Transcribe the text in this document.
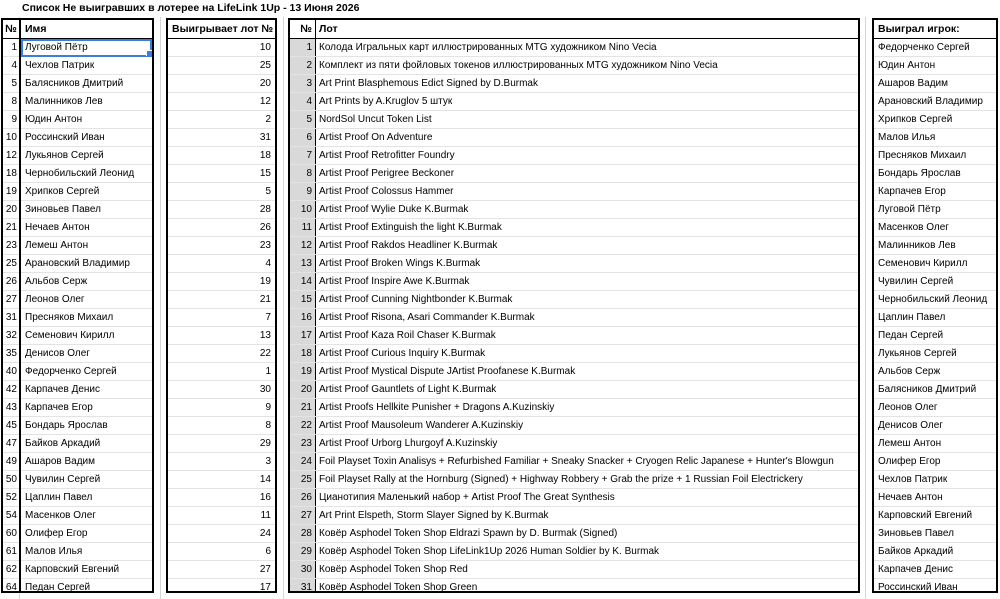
Список Не выигравших в лотерее на LifeLink 1Up - 13 Июня 2026
№
1
4
5
8
9
10
12
18
19
20
21
23
25
26
27
31
32
35
40
42
43
45
47
49
50
52
54
60
61
62
64
Имя
Луговой Пётр
Чехлов Патрик
Балясников Дмитрий
Малинников Лев
Юдин Антон
Россинский Иван
Лукьянов Сергей
Чернобильский Леонид
Хрипков Сергей
Зиновьев Павел
Нечаев Антон
Лемеш Антон
Арановский Владимир
Альбов Серж
Леонов Олег
Пресняков Михаил
Семенович Кирилл
Денисов Олег
Федорченко Сергей
Карпачев Денис
Карпачев Егор
Бондарь Ярослав
Байков Аркадий
Ашаров Вадим
Чувилин Сергей
Цаплин Павел
Масенков Олег
Олифер Егор
Малов Илья
Карповский Евгений
Педан Сергей
Выигрывает лот №
10
25
20
12
2
31
18
15
5
28
26
23
4
19
21
7
13
22
1
30
9
8
29
3
14
16
11
24
6
27
17
№ Лот
1 Колода Игральных карт иллюстрированных MTG художником Nino Vecia
2 Комплект из пяти фойловых токенов иллюстрированных MTG художником Nino Vecia
3 Art Print Blasphemous Edict Signed by D.Burmak
4 Art Prints by A.Kruglov 5 штук
5 NordSol Uncut Token List
6 Artist Proof On Adventure
7 Artist Proof Retrofitter Foundry
8 Artist Proof Perigree Beckoner
9 Artist Proof Colossus Hammer
10 Artist Proof Wylie Duke K.Burmak
11 Artist Proof Extinguish the light K.Burmak
12 Artist Proof Rakdos Headliner K.Burmak
13 Artist Proof Broken Wings K.Burmak
14 Artist Proof Inspire Awe K.Burmak
15 Artist Proof Cunning Nightbonder K.Burmak
16 Artist Proof Risona, Asari Commander K.Burmak
17 Artist Proof Kaza Roil Chaser K.Burmak
18 Artist Proof Curious Inquiry K.Burmak
19 Artist Proof Mystical Dispute JArtist Proofanese K.Burmak
20 Artist Proof Gauntlets of Light K.Burmak
21 Artist Proofs Hellkite Punisher + Dragons A.Kuzinskiy
22 Artist Proof Mausoleum Wanderer A.Kuzinskiy
23 Artist Proof Urborg Lhurgoyf A.Kuzinskiy
24 Foil Playset Toxin Analisys + Refurbished Familiar + Sneaky Snacker + Cryogen Relic Japanese + Hunter's Blowgun
25 Foil Playset Rally at the Hornburg (Signed) + Highway Robbery + Grab the prize + 1 Russian Foil Electrickery
26 Цианотипия Маленький набор + Artist Proof The Great Synthesis
27 Art Print Elspeth, Storm Slayer Signed by K.Burmak
28 Ковёр Asphodel Token Shop Eldrazi Spawn by D. Burmak (Signed)
29 Ковёр Asphodel Token Shop LifeLink1Up 2026 Human Soldier by K. Burmak
30 Ковёр Asphodel Token Shop Red
31 Ковёр Asphodel Token Shop Green
Выиграл игрок:
Федорченко Сергей
Юдин Антон
Ашаров Вадим
Арановский Владимир
Хрипков Сергей
Малов Илья
Пресняков Михаил
Бондарь Ярослав
Карпачев Егор
Луговой Пётр
Масенков Олег
Малинников Лев
Семенович Кирилл
Чувилин Сергей
Чернобильский Леонид
Цаплин Павел
Педан Сергей
Лукьянов Сергей
Альбов Серж
Балясников Дмитрий
Леонов Олег
Денисов Олег
Лемеш Антон
Олифер Егор
Чехлов Патрик
Нечаев Антон
Карповский Евгений
Зиновьев Павел
Байков Аркадий
Карпачев Денис
Россинский Иван
